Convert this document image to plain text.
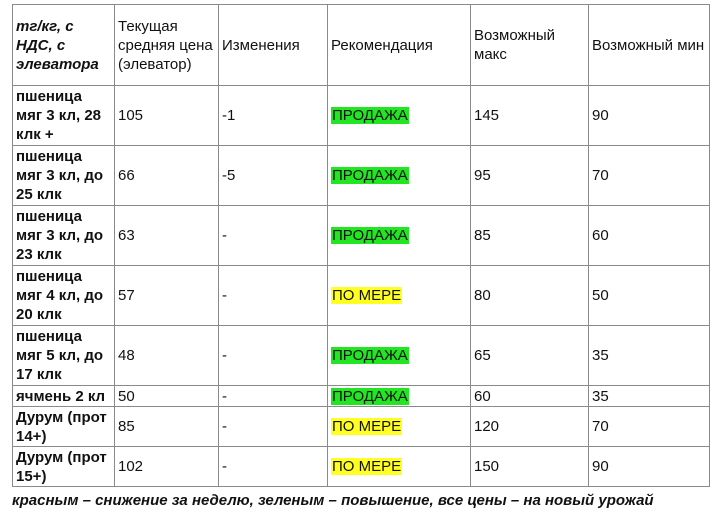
тг/кг, с НДС, с элеватора	Текущая средняя цена (элеватор)	Изменения	Рекомендация	Возможный макс	Возможный мин
пшеница мяг 3 кл, 28 клк +	105	-1	ПРОДАЖА	145	90
пшеница мяг 3 кл, до 25 клк	66	-5	ПРОДАЖА	95	70
пшеница мяг 3 кл, до 23 клк	63	-	ПРОДАЖА	85	60
пшеница мяг 4 кл, до 20 клк	57	-	ПО МЕРЕ	80	50
пшеница мяг 5 кл, до 17 клк	48	-	ПРОДАЖА	65	35
ячмень 2 кл	50	-	ПРОДАЖА	60	35
Дурум (прот 14+)	85	-	ПО МЕРЕ	120	70
Дурум (прот 15+)	102	-	ПО МЕРЕ	150	90
красным – снижение за неделю, зеленым – повышение, все цены – на новый урожай
